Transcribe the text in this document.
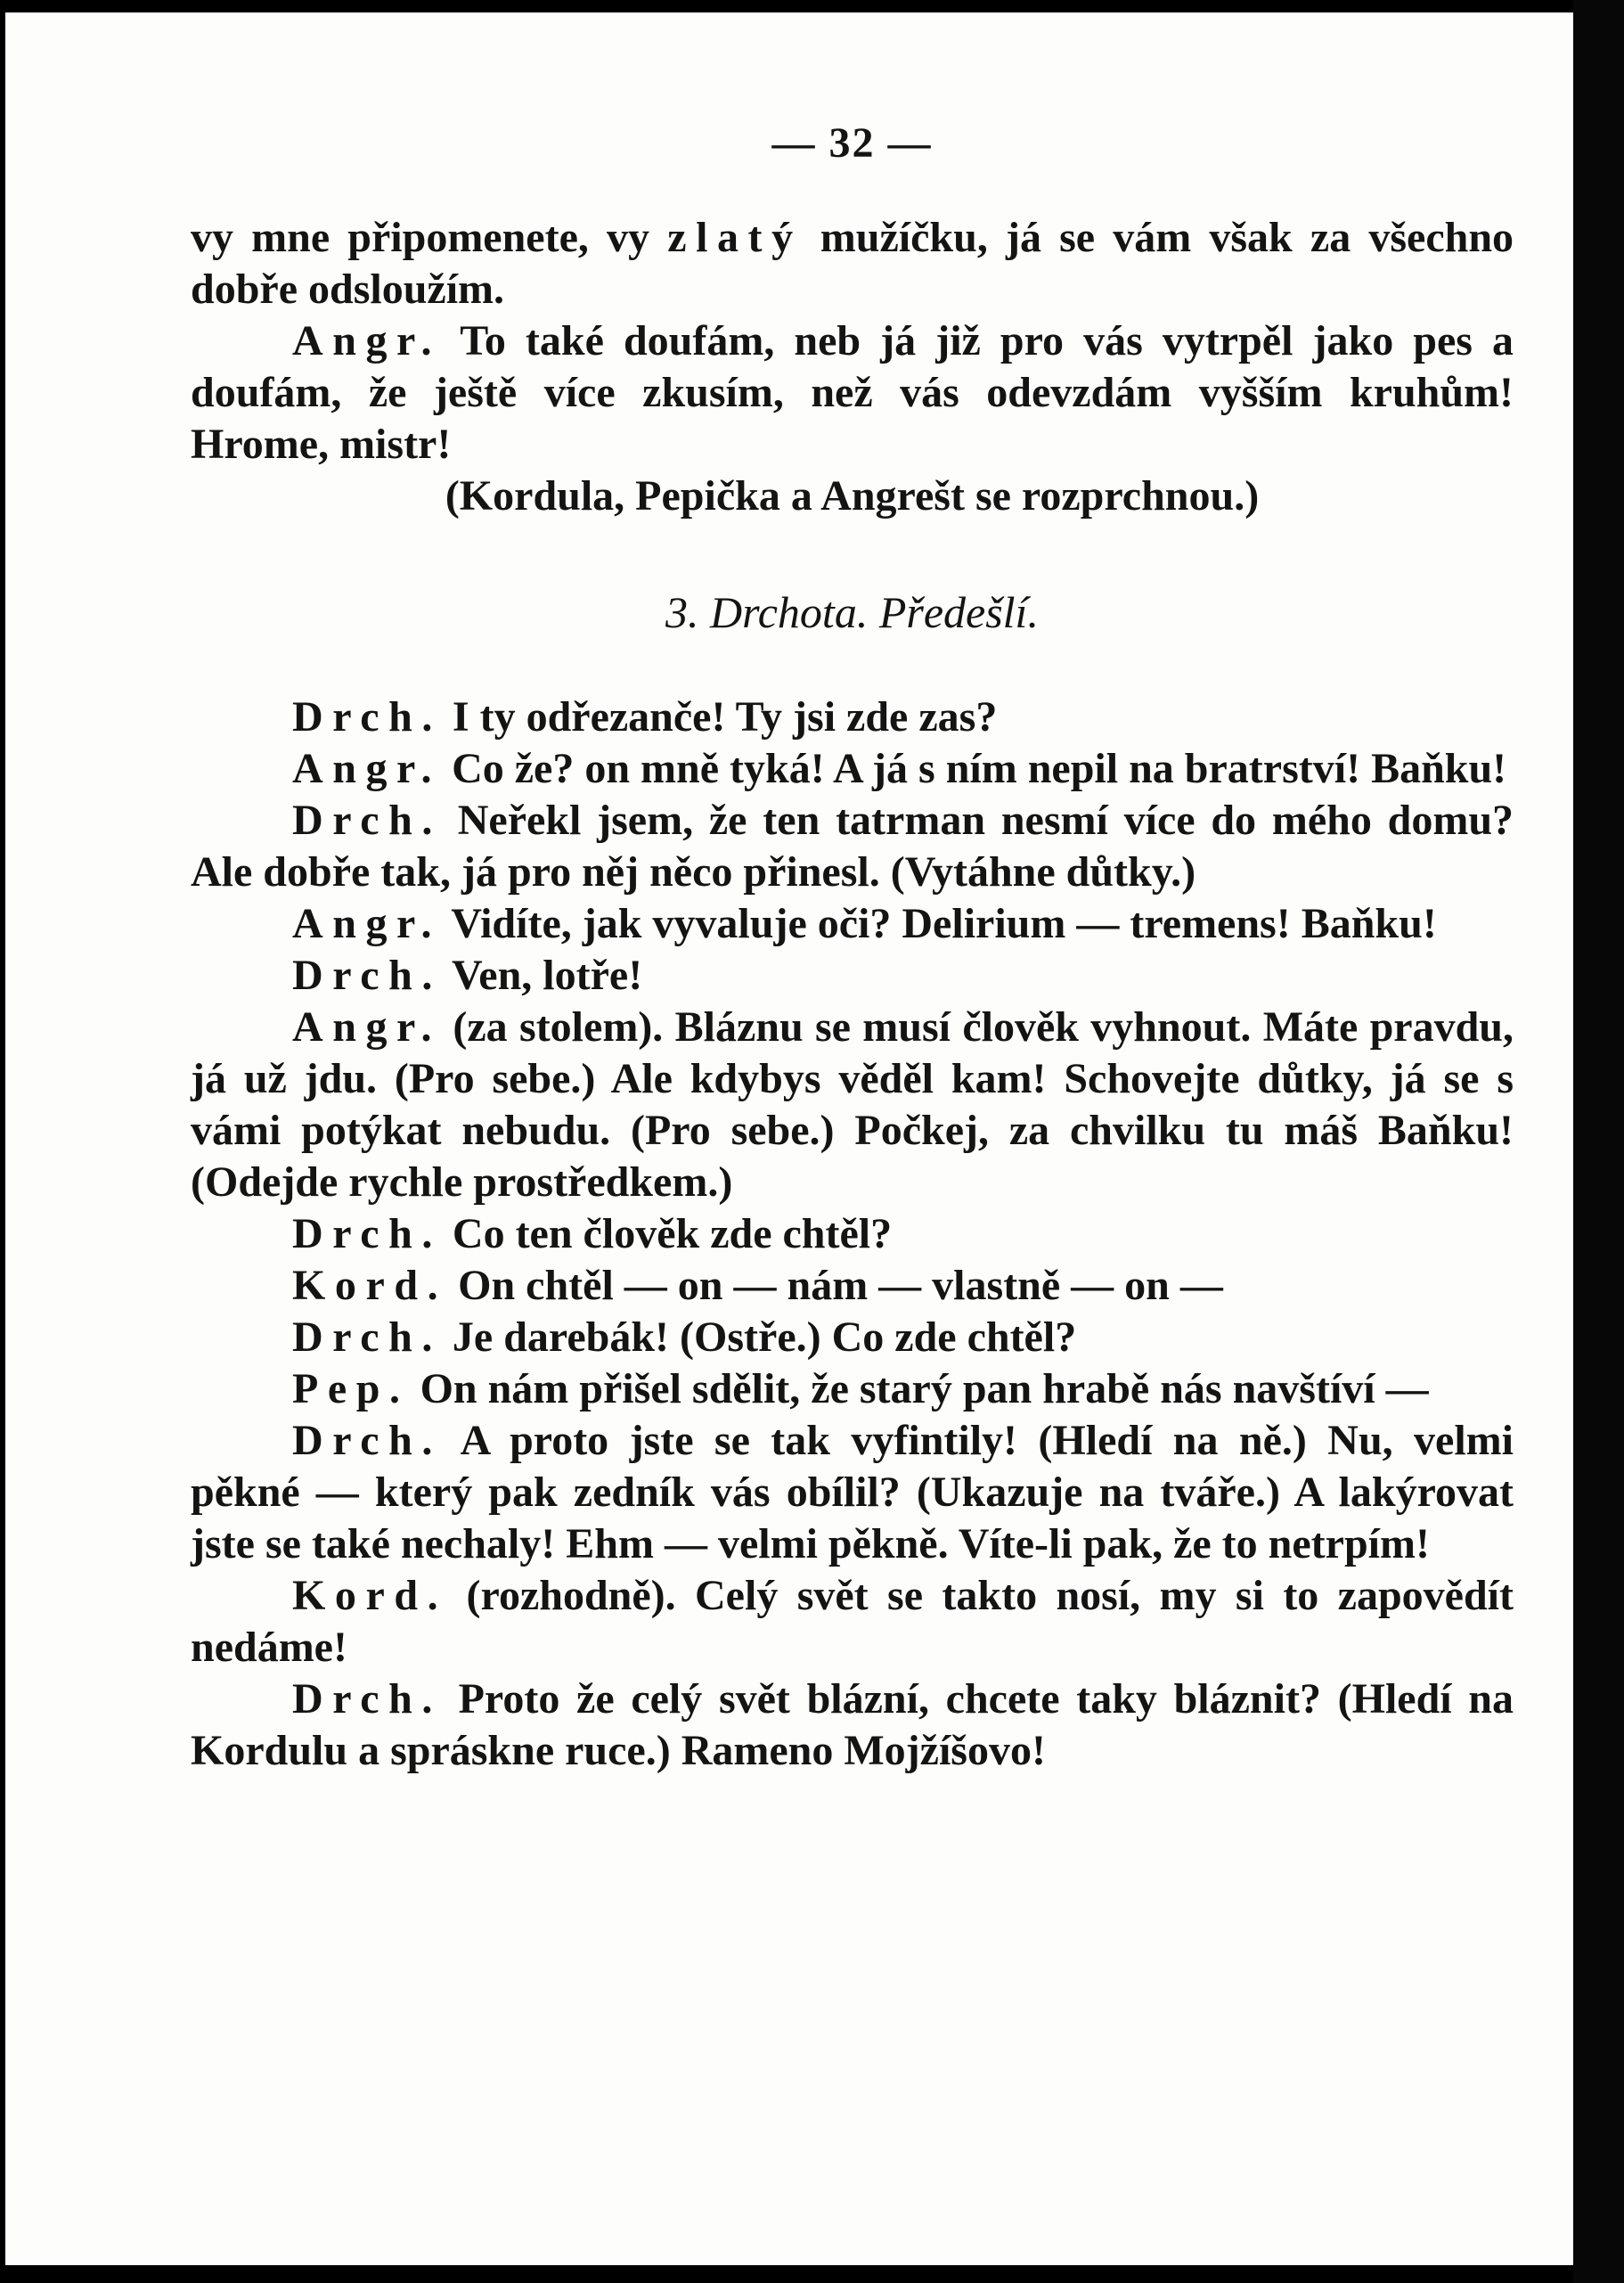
— 32 —

vy mne připomenete, vy zlatý mužíčku, já se vám však za všechno dobře odsloužím.

Angr. To také doufám, neb já již pro vás vytrpěl jako pes a doufám, že ještě více zkusím, než vás odevzdám vyšším kruhům! Hrome, mistr!

(Kordula, Pepička a Angrešt se rozprchnou.)

3. Drchota. Předešlí.

Drch. I ty odřezanče! Ty jsi zde zas?

Angr. Co že? on mně tyká! A já s ním nepil na bratrství! Baňku!

Drch. Neřekl jsem, že ten tatrman nesmí více do mého domu? Ale dobře tak, já pro něj něco přinesl. (Vytáhne důtky.)

Angr. Vidíte, jak vyvaluje oči? Delirium — tremens! Baňku!

Drch. Ven, lotře!

Angr. (za stolem). Bláznu se musí člověk vyhnout. Máte pravdu, já už jdu. (Pro sebe.) Ale kdybys věděl kam! Schovejte důtky, já se s vámi potýkat nebudu. (Pro sebe.) Počkej, za chvilku tu máš Baňku! (Odejde rychle prostředkem.)

Drch. Co ten člověk zde chtěl?

Kord. On chtěl — on — nám — vlastně — on —

Drch. Je darebák! (Ostře.) Co zde chtěl?

Pep. On nám přišel sdělit, že starý pan hrabě nás navštíví —

Drch. A proto jste se tak vyfintily! (Hledí na ně.) Nu, velmi pěkné — který pak zedník vás obílil? (Ukazuje na tváře.) A lakýrovat jste se také nechaly! Ehm — velmi pěkně. Víte-li pak, že to netrpím!

Kord. (rozhodně). Celý svět se takto nosí, my si to zapovědít nedáme!

Drch. Proto že celý svět blázní, chcete taky bláznit? (Hledí na Kordulu a spráskne ruce.) Rameno Mojžíšovo!
